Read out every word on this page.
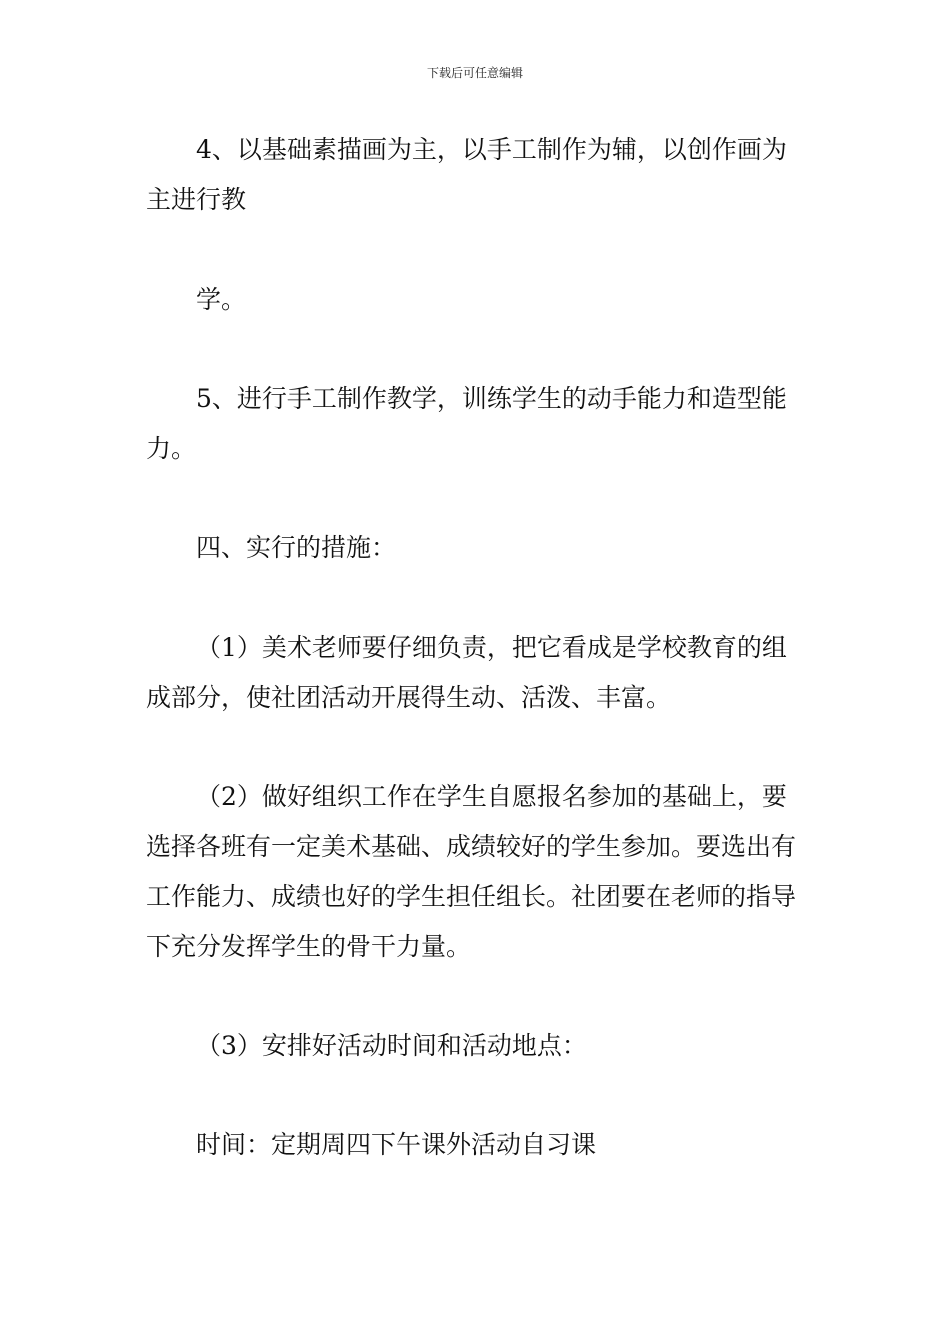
下载后可任意编辑

4、以基础素描画为主，以手工制作为辅，以创作画为主进行教

学。

5、进行手工制作教学，训练学生的动手能力和造型能力。

四、实行的措施：

（1）美术老师要仔细负责，把它看成是学校教育的组成部分，使社团活动开展得生动、活泼、丰富。

（2）做好组织工作在学生自愿报名参加的基础上，要选择各班有一定美术基础、成绩较好的学生参加。要选出有工作能力、成绩也好的学生担任组长。社团要在老师的指导下充分发挥学生的骨干力量。

（3）安排好活动时间和活动地点：

时间：定期周四下午课外活动自习课
